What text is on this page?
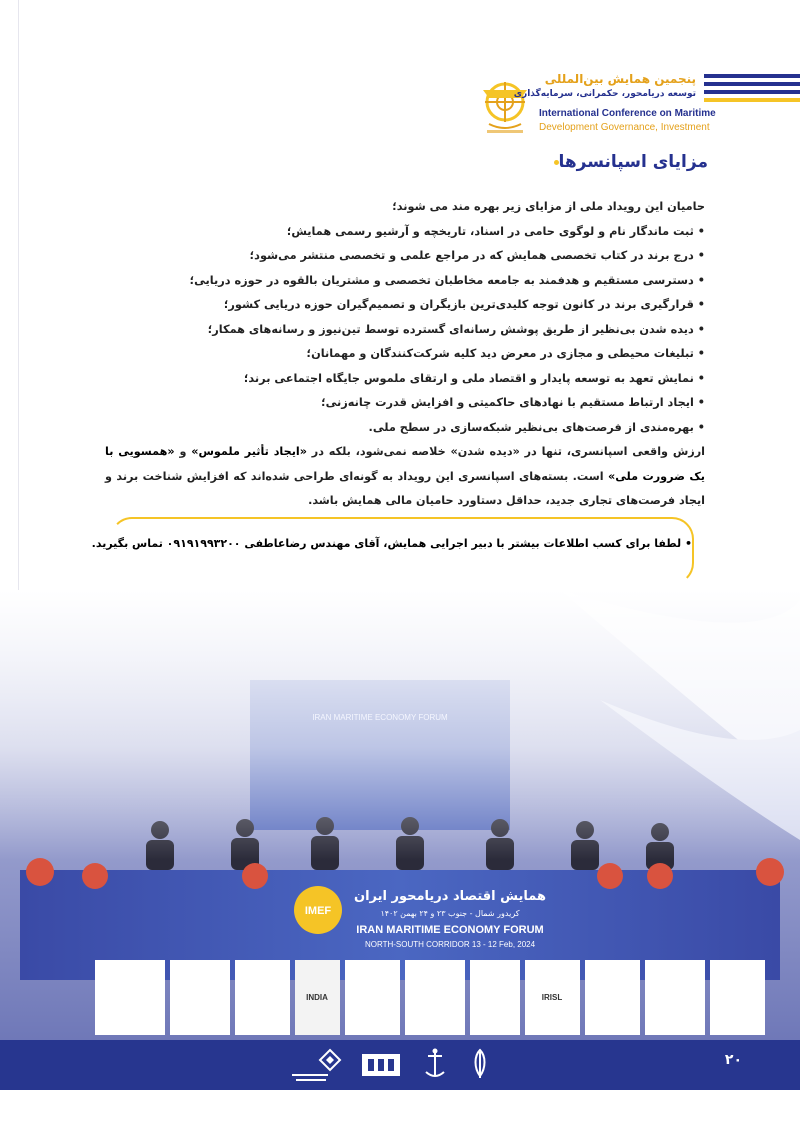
پنجمین همایش بین‌المللی
توسعه دریامحور، حکمرانی، سرمایه‌گذاری
International Conference on Maritime
Development Governance, Investment
مزایای اسپانسرها

حامیان این رویداد ملی از مزایای زیر بهره مند می شوند؛

• ثبت ماندگار نام و لوگوی حامی در اسناد، تاریخچه و آرشیو رسمی همایش؛

• درج برند در کتاب تخصصی همایش که در مراجع علمی و تخصصی منتشر می‌شود؛

• دسترسی مستقیم و هدفمند به جامعه مخاطبان تخصصی و مشتریان بالقوه در حوزه دریایی؛

• قرارگیری برند در کانون توجه کلیدی‌ترین بازیگران و تصمیم‌گیران حوزه دریایی کشور؛

• دیده شدن بی‌نظیر از طریق پوشش رسانه‌ای گسترده توسط تین‌نیوز و رسانه‌های همکار؛

• تبلیغات محیطی و مجازی در معرض دید کلیه شرکت‌کنندگان و مهمانان؛

• نمایش تعهد به توسعه پایدار و اقتصاد ملی و ارتقای ملموس جایگاه اجتماعی برند؛

• ایجاد ارتباط مستقیم با نهادهای حاکمیتی و افزایش قدرت چانه‌زنی؛

• بهره‌مندی از فرصت‌های بی‌نظیر شبکه‌سازی در سطح ملی.

ارزش واقعی اسپانسری، تنها در «دیده شدن» خلاصه نمی‌شود، بلکه در «ایجاد تأثیر ملموس» و «همسویی با یک ضرورت ملی» است. بسته‌های اسپانسری این رویداد به گونه‌ای طراحی شده‌اند که افزایش شناخت برند و ایجاد فرصت‌های تجاری جدید، حداقل دستاورد حامیان مالی همایش باشد.

• لطفا برای کسب اطلاعات بیشتر با دبیر اجرایی همایش، آقای مهندس رضاعاطفی ۰۹۱۹۱۹۹۳۲۰۰ تماس بگیرید.
۲۰
